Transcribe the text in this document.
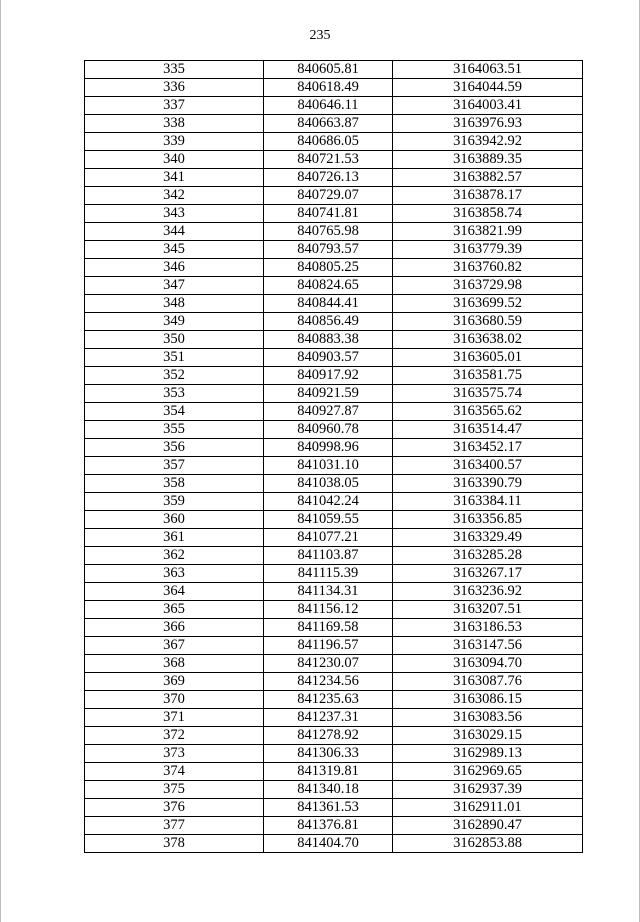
235
335	840605.81	3164063.51
336	840618.49	3164044.59
337	840646.11	3164003.41
338	840663.87	3163976.93
339	840686.05	3163942.92
340	840721.53	3163889.35
341	840726.13	3163882.57
342	840729.07	3163878.17
343	840741.81	3163858.74
344	840765.98	3163821.99
345	840793.57	3163779.39
346	840805.25	3163760.82
347	840824.65	3163729.98
348	840844.41	3163699.52
349	840856.49	3163680.59
350	840883.38	3163638.02
351	840903.57	3163605.01
352	840917.92	3163581.75
353	840921.59	3163575.74
354	840927.87	3163565.62
355	840960.78	3163514.47
356	840998.96	3163452.17
357	841031.10	3163400.57
358	841038.05	3163390.79
359	841042.24	3163384.11
360	841059.55	3163356.85
361	841077.21	3163329.49
362	841103.87	3163285.28
363	841115.39	3163267.17
364	841134.31	3163236.92
365	841156.12	3163207.51
366	841169.58	3163186.53
367	841196.57	3163147.56
368	841230.07	3163094.70
369	841234.56	3163087.76
370	841235.63	3163086.15
371	841237.31	3163083.56
372	841278.92	3163029.15
373	841306.33	3162989.13
374	841319.81	3162969.65
375	841340.18	3162937.39
376	841361.53	3162911.01
377	841376.81	3162890.47
378	841404.70	3162853.88
